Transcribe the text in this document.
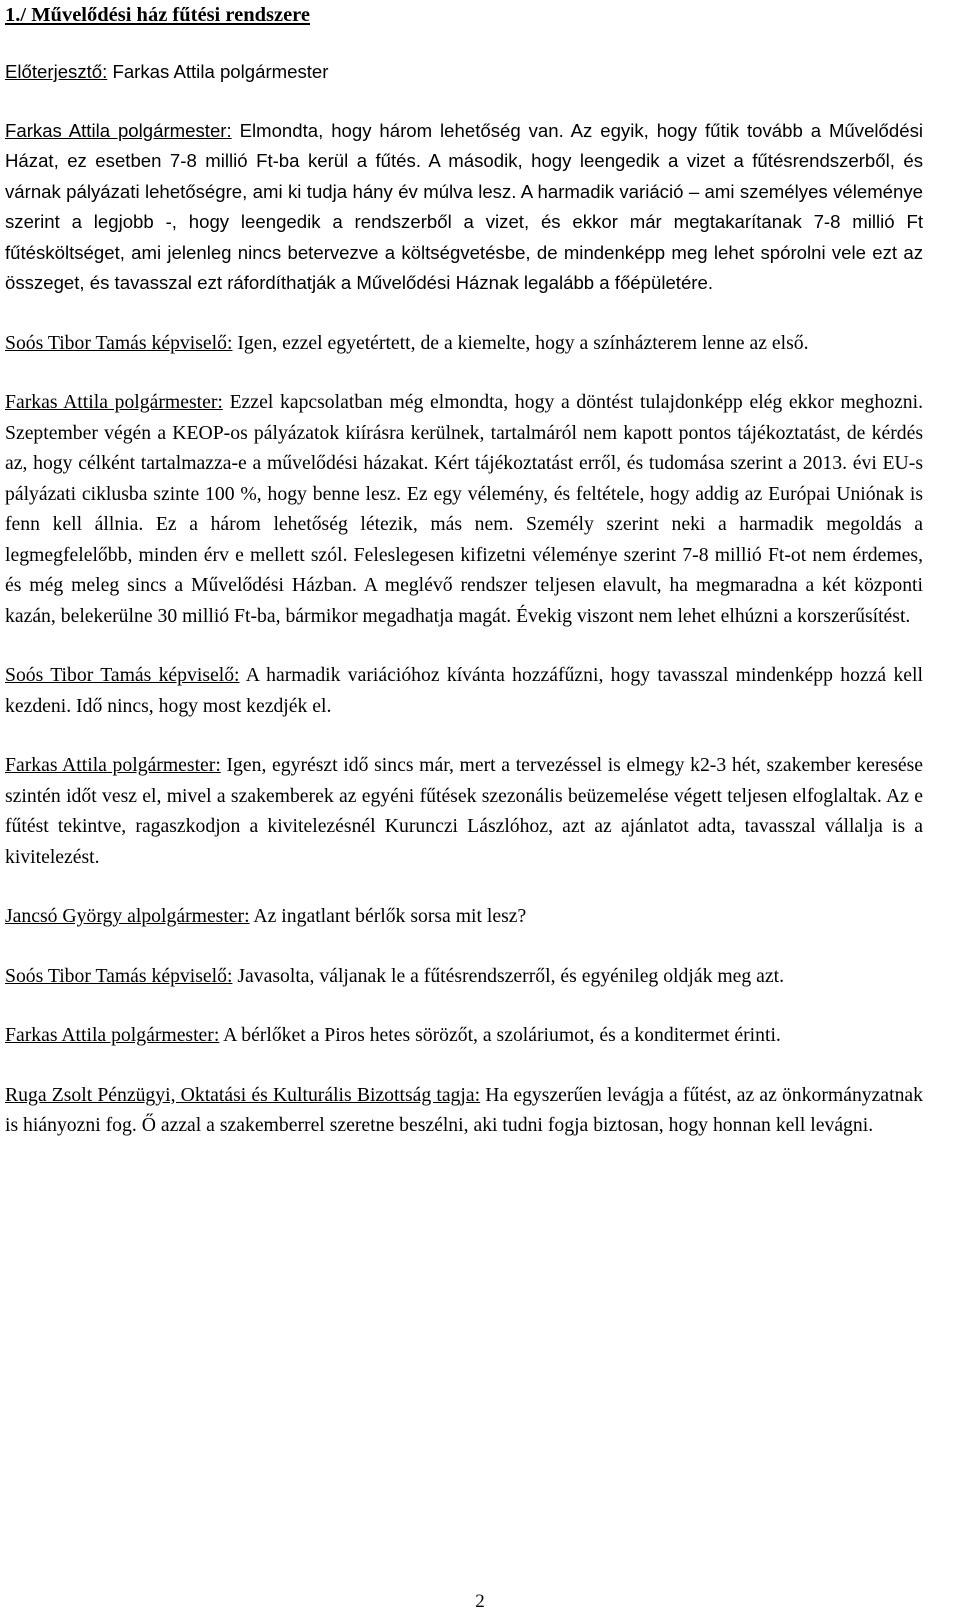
1./ Művelődési ház fűtési rendszere

Előterjesztő: Farkas Attila polgármester

Farkas Attila polgármester: Elmondta, hogy három lehetőség van. Az egyik, hogy fűtik tovább a Művelődési Házat, ez esetben 7-8 millió Ft-ba kerül a fűtés. A második, hogy leengedik a vizet a fűtésrendszerből, és várnak pályázati lehetőségre, ami ki tudja hány év múlva lesz. A harmadik variáció – ami személyes véleménye szerint a legjobb -, hogy leengedik a rendszerből a vizet, és ekkor már megtakarítanak 7-8 millió Ft fűtésköltséget, ami jelenleg nincs betervezve a költségvetésbe, de mindenképp meg lehet spórolni vele ezt az összeget, és tavasszal ezt ráfordíthatják a Művelődési Háznak legalább a főépületére.

Soós Tibor Tamás képviselő: Igen, ezzel egyetértett, de a kiemelte, hogy a színházterem lenne az első.

Farkas Attila polgármester: Ezzel kapcsolatban még elmondta, hogy a döntést tulajdonképp elég ekkor meghozni. Szeptember végén a KEOP-os pályázatok kiírásra kerülnek, tartalmáról nem kapott pontos tájékoztatást, de kérdés az, hogy célként tartalmazza-e a művelődési házakat. Kért tájékoztatást erről, és tudomása szerint a 2013. évi EU-s pályázati ciklusba szinte 100 %, hogy benne lesz. Ez egy vélemény, és feltétele, hogy addig az Európai Uniónak is fenn kell állnia. Ez a három lehetőség létezik, más nem. Személy szerint neki a harmadik megoldás a legmegfelelőbb, minden érv e mellett szól. Feleslegesen kifizetni véleménye szerint 7-8 millió Ft-ot nem érdemes, és még meleg sincs a Művelődési Házban. A meglévő rendszer teljesen elavult, ha megmaradna a két központi kazán, belekerülne 30 millió Ft-ba, bármikor megadhatja magát. Évekig viszont nem lehet elhúzni a korszerűsítést.

Soós Tibor Tamás képviselő: A harmadik variációhoz kívánta hozzáfűzni, hogy tavasszal mindenképp hozzá kell kezdeni. Idő nincs, hogy most kezdjék el.

Farkas Attila polgármester: Igen, egyrészt idő sincs már, mert a tervezéssel is elmegy k2-3 hét, szakember keresése szintén időt vesz el, mivel a szakemberek az egyéni fűtések szezonális beüzemelése végett teljesen elfoglaltak. Az e fűtést tekintve, ragaszkodjon a kivitelezésnél Kurunczi Lászlóhoz, azt az ajánlatot adta, tavasszal vállalja is a kivitelezést.

Jancsó György alpolgármester: Az ingatlant bérlők sorsa mit lesz?

Soós Tibor Tamás képviselő: Javasolta, váljanak le a fűtésrendszerről, és egyénileg oldják meg azt.

Farkas Attila polgármester: A bérlőket a Piros hetes sörözőt, a szoláriumot, és a konditermet érinti.

Ruga Zsolt Pénzügyi, Oktatási és Kulturális Bizottság tagja: Ha egyszerűen levágja a fűtést, az az önkormányzatnak is hiányozni fog. Ő azzal a szakemberrel szeretne beszélni, aki tudni fogja biztosan, hogy honnan kell levágni.

2
